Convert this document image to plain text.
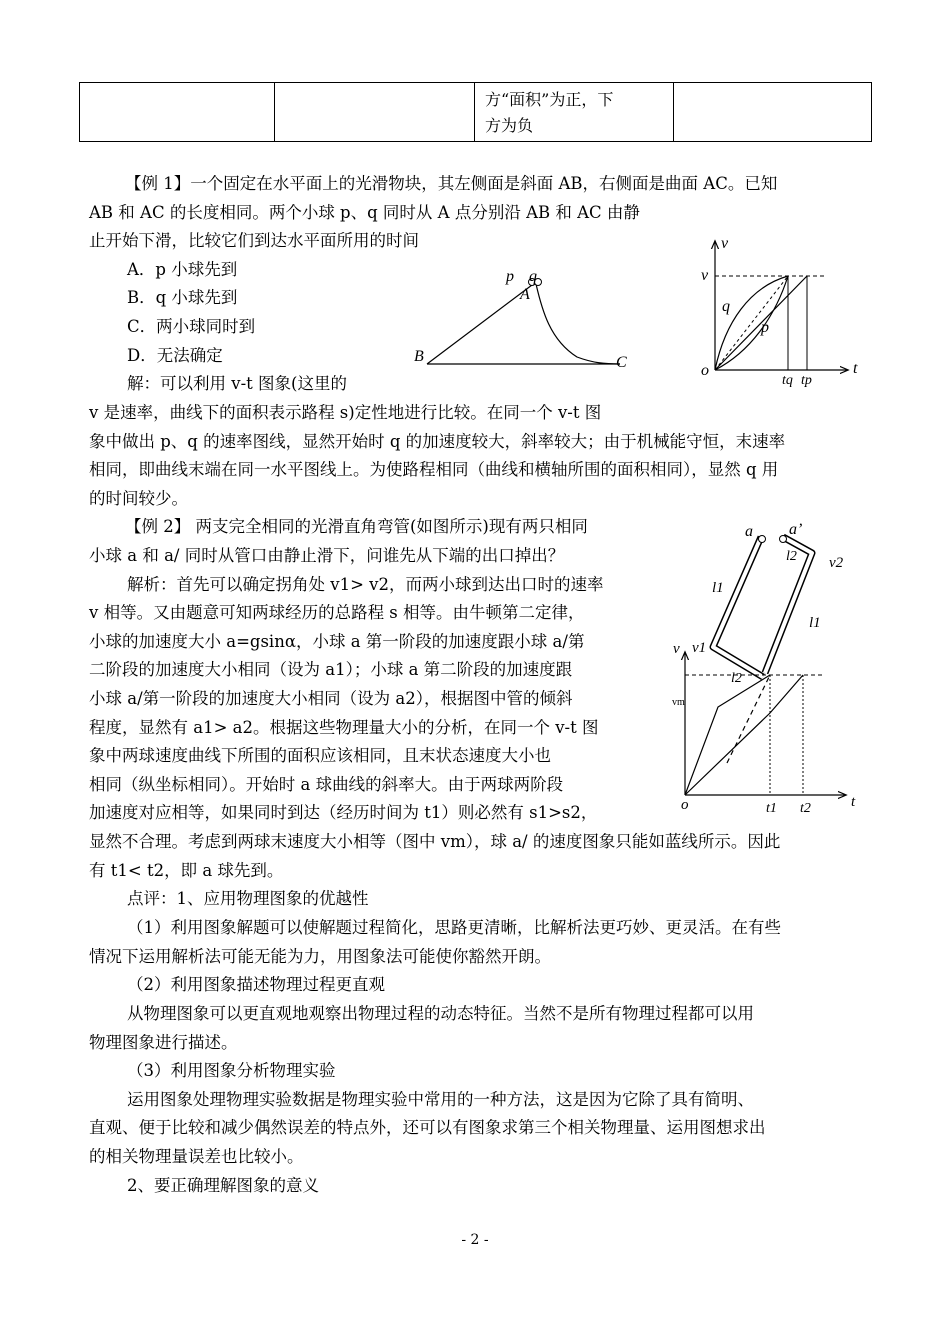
方“面积”为正，下
方为负

【例 1】一个固定在水平面上的光滑物块，其左侧面是斜面 AB，右侧面是曲面 AC。已知
AB 和 AC 的长度相同。两个小球 p、q 同时从 A 点分别沿 AB 和 AC 由静
止开始下滑，比较它们到达水平面所用的时间
A．p 小球先到
B．q 小球先到
C．两小球同时到
D．无法确定
解：可以利用 v-t 图象(这里的
v 是速率，曲线下的面积表示路程 s)定性地进行比较。在同一个 v-t 图
象中做出 p、q 的速率图线，显然开始时 q 的加速度较大，斜率较大；由于机械能守恒，末速率
相同，即曲线末端在同一水平图线上。为使路程相同（曲线和横轴所围的面积相同），显然 q 用
的时间较少。
p q
A
B	C
v
v
q
p
o	t
tq tp
【例 2】 两支完全相同的光滑直角弯管(如图所示)现有两只相同
小球 a 和 a/ 同时从管口由静止滑下，问谁先从下端的出口掉出？
解析：首先可以确定拐角处 v1> v2，而两小球到达出口时的速率
v 相等。又由题意可知两球经历的总路程 s 相等。由牛顿第二定律，
小球的加速度大小 a=gsinα，小球 a 第一阶段的加速度跟小球 a/第
二阶段的加速度大小相同（设为 a1）；小球 a 第二阶段的加速度跟
小球 a/第一阶段的加速度大小相同（设为 a2），根据图中管的倾斜
程度，显然有 a1> a2。根据这些物理量大小的分析，在同一个 v-t 图
象中两球速度曲线下所围的面积应该相同，且末状态速度大小也
相同（纵坐标相同）。开始时 a 球曲线的斜率大。由于两球两阶段
加速度对应相等，如果同时到达（经历时间为 t1）则必然有 s1>s2，
显然不合理。考虑到两球末速度大小相等（图中 vm），球 a/ 的速度图象只能如蓝线所示。因此
有 t1< t2，即 a 球先到。
a a’
l2 v2
l1
l1
v1
l2
v
vm
o	t
t1 t2
点评：1、应用物理图象的优越性
（1）利用图象解题可以使解题过程简化，思路更清晰，比解析法更巧妙、更灵活。在有些
情况下运用解析法可能无能为力，用图象法可能使你豁然开朗。
（2）利用图象描述物理过程更直观
从物理图象可以更直观地观察出物理过程的动态特征。当然不是所有物理过程都可以用
物理图象进行描述。
（3）利用图象分析物理实验
运用图象处理物理实验数据是物理实验中常用的一种方法，这是因为它除了具有简明、
直观、便于比较和减少偶然误差的特点外，还可以有图象求第三个相关物理量、运用图想求出
的相关物理量误差也比较小。
2、要正确理解图象的意义
- 2 -
